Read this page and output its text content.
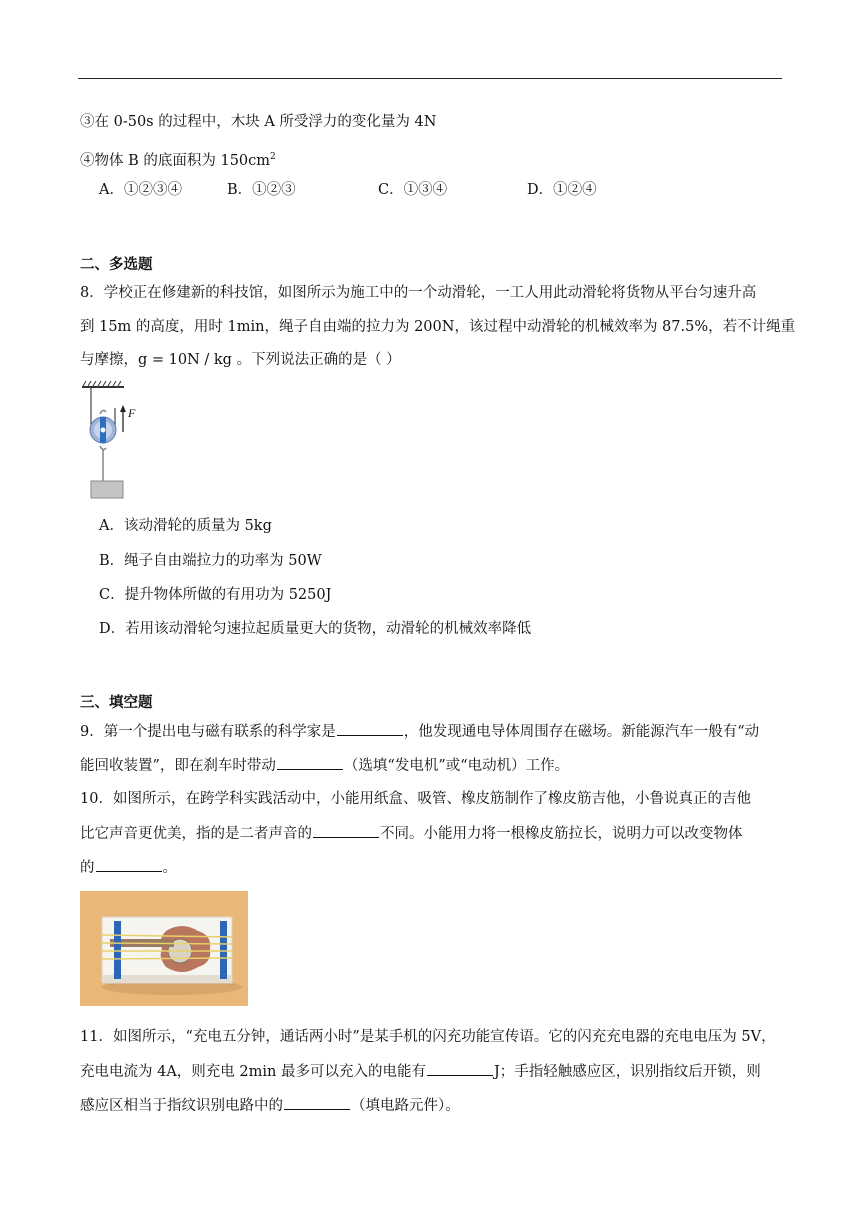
③在 0-50s 的过程中，木块 A 所受浮力的变化量为 4N
④物体 B 的底面积为 $150cm^2$
A．①②③④	B．①②③	C．①③④	D．①②④
二、多选题
8．学校正在修建新的科技馆，如图所示为施工中的一个动滑轮，一工人用此动滑轮将货物从平台匀速升高
到 15m 的高度，用时 1min，绳子自由端的拉力为 200N，该过程中动滑轮的机械效率为 87.5%，若不计绳重
与摩擦，g = 10N / kg 。下列说法正确的是（ ）
F
A．该动滑轮的质量为 5kg
B．绳子自由端拉力的功率为 50W
C．提升物体所做的有用功为 5250J
D．若用该动滑轮匀速拉起质量更大的货物，动滑轮的机械效率降低
三、填空题
9．第一个提出电与磁有联系的科学家是	，他发现通电导体周围存在磁场。新能源汽车一般有“动
能回收装置”，即在刹车时带动	（选填“发电机”或“电动机）工作。
10．如图所示，在跨学科实践活动中，小能用纸盒、吸管、橡皮筋制作了橡皮筋吉他，小鲁说真正的吉他
比它声音更优美，指的是二者声音的	不同。小能用力将一根橡皮筋拉长，说明力可以改变物体
的	。
11．如图所示，“充电五分钟，通话两小时”是某手机的闪充功能宣传语。它的闪充充电器的充电电压为 5V，
充电电流为 4A，则充电 2min 最多可以充入的电能有	J；手指轻触感应区，识别指纹后开锁，则
感应区相当于指纹识别电路中的	（填电路元件）。
